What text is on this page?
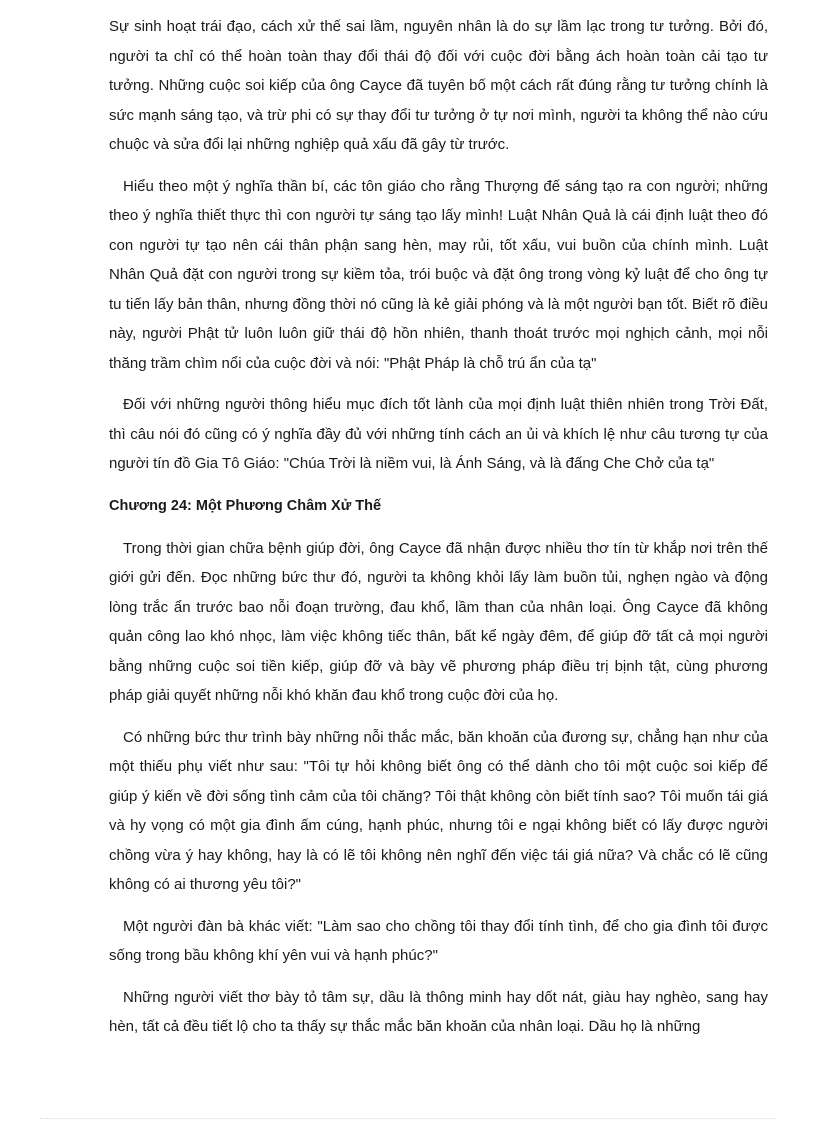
Sự sinh hoạt trái đạo, cách xử thế sai lầm, nguyên nhân là do sự lầm lạc trong tư tưởng. Bởi đó, người ta chỉ có thể hoàn toàn thay đổi thái độ đối với cuộc đời bằng ách hoàn toàn cải tạo tư tưởng. Những cuộc soi kiếp của ông Cayce đã tuyên bố một cách rất đúng rằng tư tưởng chính là sức mạnh sáng tạo, và trừ phi có sự thay đổi tư tưởng ở tự nơi mình, người ta không thể nào cứu chuộc và sửa đổi lại những nghiệp quả xấu đã gây từ trước.

Hiểu theo một ý nghĩa thần bí, các tôn giáo cho rằng Thượng đế sáng tạo ra con người; những theo ý nghĩa thiết thực thì con người tự sáng tạo lấy mình! Luật Nhân Quả là cái định luật theo đó con người tự tạo nên cái thân phận sang hèn, may rủi, tốt xấu, vui buồn của chính mình. Luật Nhân Quả đặt con người trong sự kiềm tỏa, trói buộc và đặt ông trong vòng kỷ luật để cho ông tự tu tiến lấy bản thân, nhưng đồng thời nó cũng là kẻ giải phóng và là một người bạn tốt. Biết rõ điều này, người Phật tử luôn luôn giữ thái độ hồn nhiên, thanh thoát trước mọi nghịch cảnh, mọi nỗi thăng trầm chìm nổi của cuộc đời và nói: "Phật Pháp là chỗ trú ẩn của tạ"

Đối với những người thông hiểu mục đích tốt lành của mọi định luật thiên nhiên trong Trời Đất, thì câu nói đó cũng có ý nghĩa đầy đủ với những tính cách an ủi và khích lệ như câu tương tự của người tín đồ Gia Tô Giáo: "Chúa Trời là niềm vui, là Ánh Sáng, và là đấng Che Chở của tạ"

Chương 24: Một Phương Châm Xử Thế

Trong thời gian chữa bệnh giúp đời, ông Cayce đã nhận được nhiều thơ tín từ khắp nơi trên thế giới gửi đến. Đọc những bức thư đó, người ta không khỏi lấy làm buồn tủi, nghẹn ngào và động lòng trắc ẩn trước bao nỗi đoạn trường, đau khổ, lầm than của nhân loại. Ông Cayce đã không quản công lao khó nhọc, làm việc không tiếc thân, bất kể ngày đêm, để giúp đỡ tất cả mọi người bằng những cuộc soi tiền kiếp, giúp đỡ và bày vẽ phương pháp điều trị bịnh tật, cùng phương pháp giải quyết những nỗi khó khăn đau khổ trong cuộc đời của họ.

Có những bức thư trình bày những nỗi thắc mắc, băn khoăn của đương sự, chẳng hạn như của một thiếu phụ viết như sau: "Tôi tự hỏi không biết ông có thể dành cho tôi một cuộc soi kiếp để giúp ý kiến về đời sống tình cảm của tôi chăng? Tôi thật không còn biết tính sao? Tôi muốn tái giá và hy vọng có một gia đình ấm cúng, hạnh phúc, nhưng tôi e ngại không biết có lấy được người chồng vừa ý hay không, hay là có lẽ tôi không nên nghĩ đến việc tái giá nữa? Và chắc có lẽ cũng không có ai thương yêu tôi?"

Một người đàn bà khác viết: "Làm sao cho chồng tôi thay đổi tính tình, để cho gia đình tôi được sống trong bầu không khí yên vui và hạnh phúc?"

Những người viết thơ bày tỏ tâm sự, dầu là thông minh hay dốt nát, giàu hay nghèo, sang hay hèn, tất cả đều tiết lộ cho ta thấy sự thắc mắc băn khoăn của nhân loại. Dầu họ là những
